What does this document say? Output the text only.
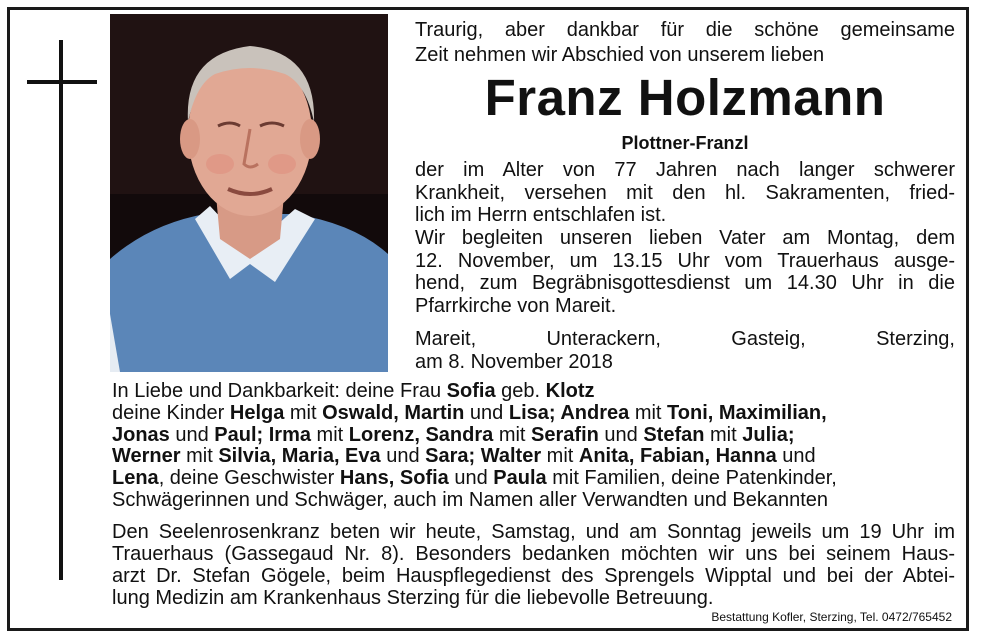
Traurig, aber dankbar für die schöne gemeinsame
Zeit nehmen wir Abschied von unserem lieben
Franz Holzmann
Plottner-Franzl
der im Alter von 77 Jahren nach langer schwerer
Krankheit, versehen mit den hl. Sakramenten, fried-
lich im Herrn entschlafen ist.
Wir begleiten unseren lieben Vater am Montag, dem
12. November, um 13.15 Uhr vom Trauerhaus ausge-
hend, zum Begräbnisgottesdienst um 14.30 Uhr in die
Pfarrkirche von Mareit.
Mareit, Unterackern, Gasteig, Sterzing,
am 8. November 2018
In Liebe und Dankbarkeit: deine Frau Sofia geb. Klotz
deine Kinder Helga mit Oswald, Martin und Lisa; Andrea mit Toni, Maximilian,
Jonas und Paul; Irma mit Lorenz, Sandra mit Serafin und Stefan mit Julia;
Werner mit Silvia, Maria, Eva und Sara; Walter mit Anita, Fabian, Hanna und
Lena, deine Geschwister Hans, Sofia und Paula mit Familien, deine Patenkinder,
Schwägerinnen und Schwäger, auch im Namen aller Verwandten und Bekannten
Den Seelenrosenkranz beten wir heute, Samstag, und am Sonntag jeweils um 19 Uhr im
Trauerhaus (Gassegaud Nr. 8). Besonders bedanken möchten wir uns bei seinem Haus-
arzt Dr. Stefan Gögele, beim Hauspflegedienst des Sprengels Wipptal und bei der Abtei-
lung Medizin am Krankenhaus Sterzing für die liebevolle Betreuung.
Bestattung Kofler, Sterzing, Tel. 0472/765452
